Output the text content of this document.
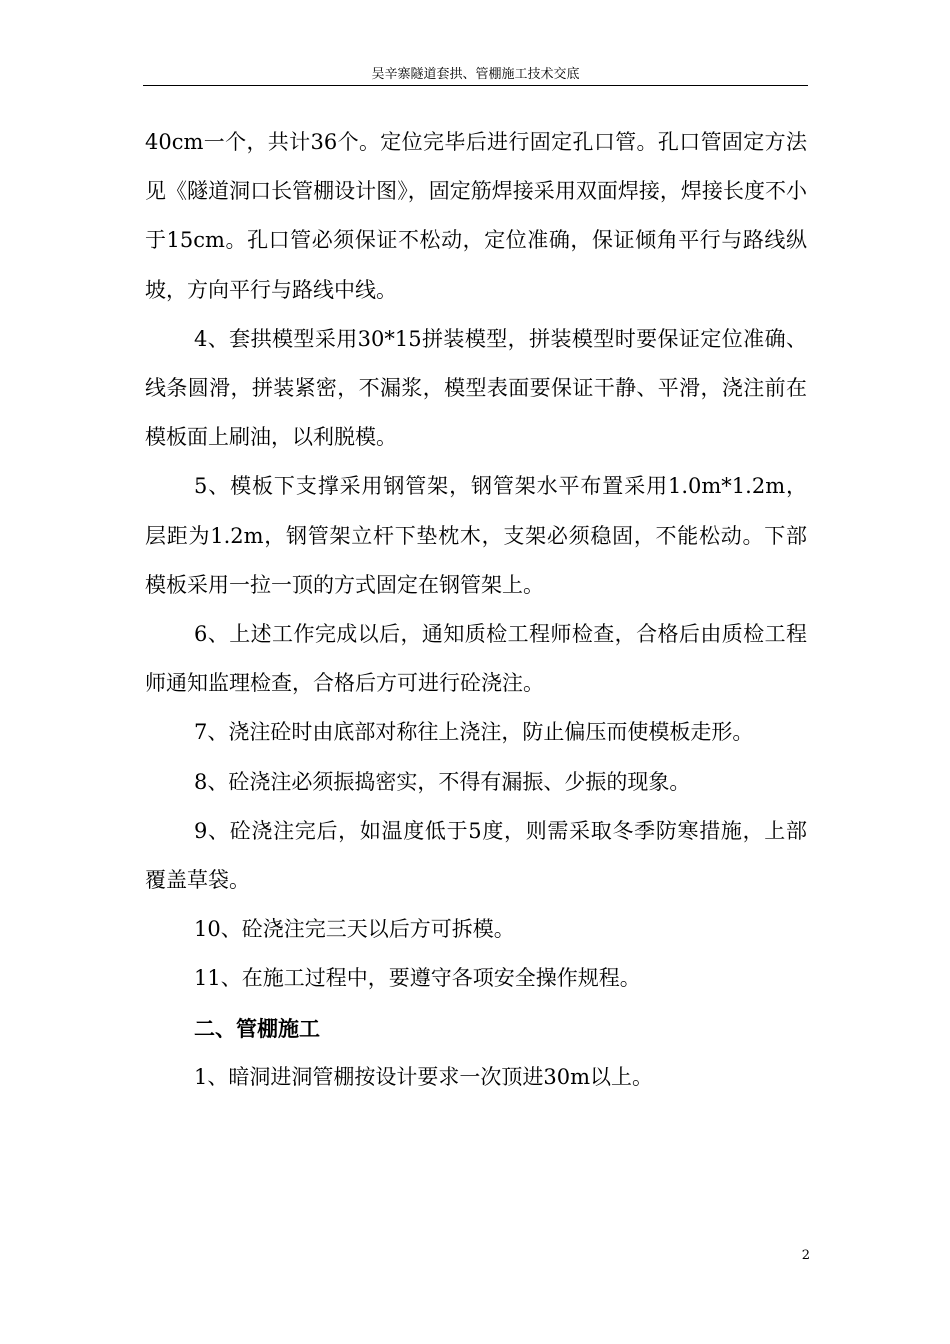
吴辛寨隧道套拱、管棚施工技术交底

40cm一个，共计36个。定位完毕后进行固定孔口管。孔口管固定方法见《隧道洞口长管棚设计图》，固定筋焊接采用双面焊接，焊接长度不小于15cm。孔口管必须保证不松动，定位准确，保证倾角平行与路线纵坡，方向平行与路线中线。

4、套拱模型采用30*15拼装模型，拼装模型时要保证定位准确、线条圆滑，拼装紧密，不漏浆，模型表面要保证干静、平滑，浇注前在模板面上刷油，以利脱模。

5、模板下支撑采用钢管架，钢管架水平布置采用1.0m*1.2m，层距为1.2m，钢管架立杆下垫枕木，支架必须稳固，不能松动。下部模板采用一拉一顶的方式固定在钢管架上。

6、上述工作完成以后，通知质检工程师检查，合格后由质检工程师通知监理检查，合格后方可进行砼浇注。

7、浇注砼时由底部对称往上浇注，防止偏压而使模板走形。

8、砼浇注必须振捣密实，不得有漏振、少振的现象。

9、砼浇注完后，如温度低于5度，则需采取冬季防寒措施，上部覆盖草袋。

10、砼浇注完三天以后方可拆模。

11、在施工过程中，要遵守各项安全操作规程。

二、管棚施工

1、暗洞进洞管棚按设计要求一次顶进30m以上。

2
